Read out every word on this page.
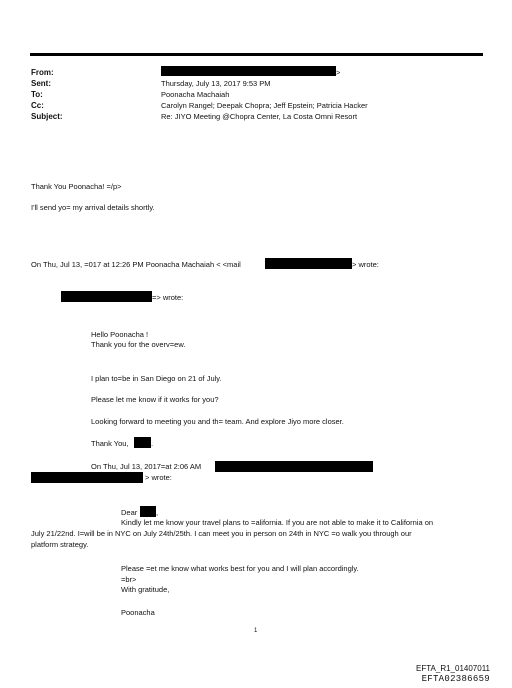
From:	>
Sent:	Thursday, July 13, 2017 9:53 PM
To:	Poonacha Machaiah
Cc:	Carolyn Rangel; Deepak Chopra; Jeff Epstein; Patricia Hacker
Subject:	Re: JIYO Meeting @Chopra Center, La Costa Omni Resort
Thank You Poonacha! =/p>
I'll send yo= my arrival details shortly.
On Thu, Jul 13, =017 at 12:26 PM Poonacha Machaiah < <mail	> wrote:
=> wrote:
Hello Poonacha !
Thank you for the overv=ew.
I plan to=be in San Diego on 21 of July.
Please let me know if it works for you?
Looking forward to meeting you and th= team. And explore Jiyo more closer.
Thank You,	.
On Thu, Jul 13, 2017=at 2:06 AM
> wrote:
Dear ,
Kindly let me know your travel plans to =alifornia. If you are not able to make it to California on
July 21/22nd. I=will be in NYC on July 24th/25th. I can meet you in person on 24th in NYC =o walk you through our
platform strategy.
Please =et me know what works best for you and I will plan accordingly.
=br>
With gratitude,
Poonacha
1
EFTA_R1_01407011
EFTA02386659
